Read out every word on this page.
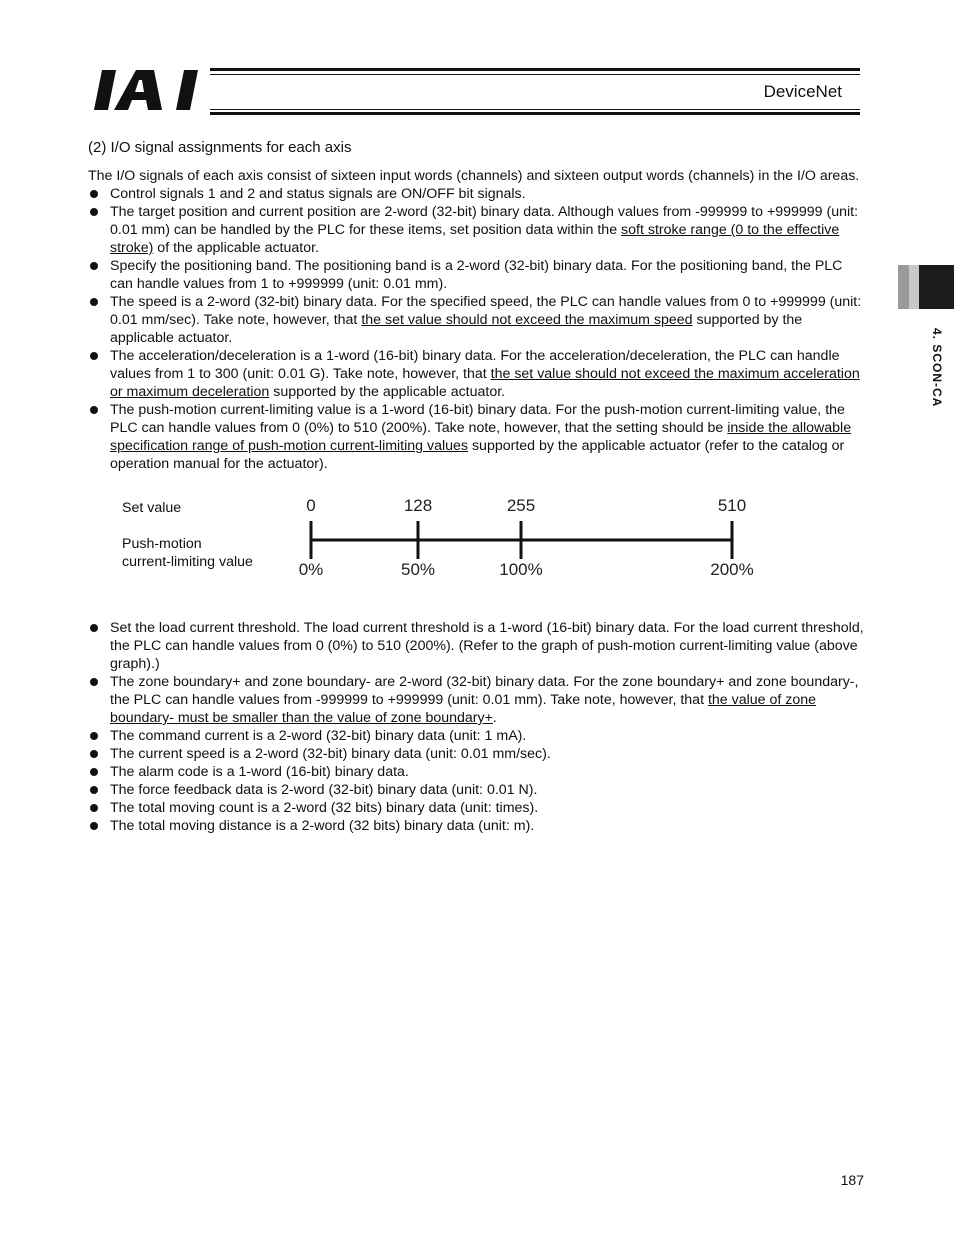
DeviceNet
(2) I/O signal assignments for each axis

The I/O signals of each axis consist of sixteen input words (channels) and sixteen output words (channels) in the I/O areas.

Control signals 1 and 2 and status signals are ON/OFF bit signals.
The target position and current position are 2-word (32-bit) binary data. Although values from -999999 to +999999 (unit: 0.01 mm) can be handled by the PLC for these items, set position data within the soft stroke range (0 to the effective stroke) of the applicable actuator.
Specify the positioning band. The positioning band is a 2-word (32-bit) binary data. For the positioning band, the PLC can handle values from 1 to +999999 (unit: 0.01 mm).
The speed is a 2-word (32-bit) binary data. For the specified speed, the PLC can handle values from 0 to +999999 (unit: 0.01 mm/sec). Take note, however, that the set value should not exceed the maximum speed supported by the applicable actuator.
The acceleration/deceleration is a 1-word (16-bit) binary data. For the acceleration/deceleration, the PLC can handle values from 1 to 300 (unit: 0.01 G). Take note, however, that the set value should not exceed the maximum acceleration or maximum deceleration supported by the applicable actuator.
The push-motion current-limiting value is a 1-word (16-bit) binary data. For the push-motion current-limiting value, the PLC can handle values from 0 (0%) to 510 (200%). Take note, however, that the setting should be inside the allowable specification range of push-motion current-limiting values supported by the applicable actuator (refer to the catalog or operation manual for the actuator).
Set value
Push-motion
current-limiting value
0
0%
128
50%
255
100%
510
200%
Set the load current threshold. The load current threshold is a 1-word (16-bit) binary data. For the load current threshold, the PLC can handle values from 0 (0%) to 510 (200%). (Refer to the graph of push-motion current-limiting value (above graph).)
The zone boundary+ and zone boundary- are 2-word (32-bit) binary data. For the zone boundary+ and zone boundary-, the PLC can handle values from -999999 to +999999 (unit: 0.01 mm). Take note, however, that the value of zone boundary- must be smaller than the value of zone boundary+.
The command current is a 2-word (32-bit) binary data (unit: 1 mA).
The current speed is a 2-word (32-bit) binary data (unit: 0.01 mm/sec).
The alarm code is a 1-word (16-bit) binary data.
The force feedback data is 2-word (32-bit) binary data (unit: 0.01 N).
The total moving count is a 2-word (32 bits) binary data (unit: times).
The total moving distance is a 2-word (32 bits) binary data (unit: m).
4. SCON-CA
187
